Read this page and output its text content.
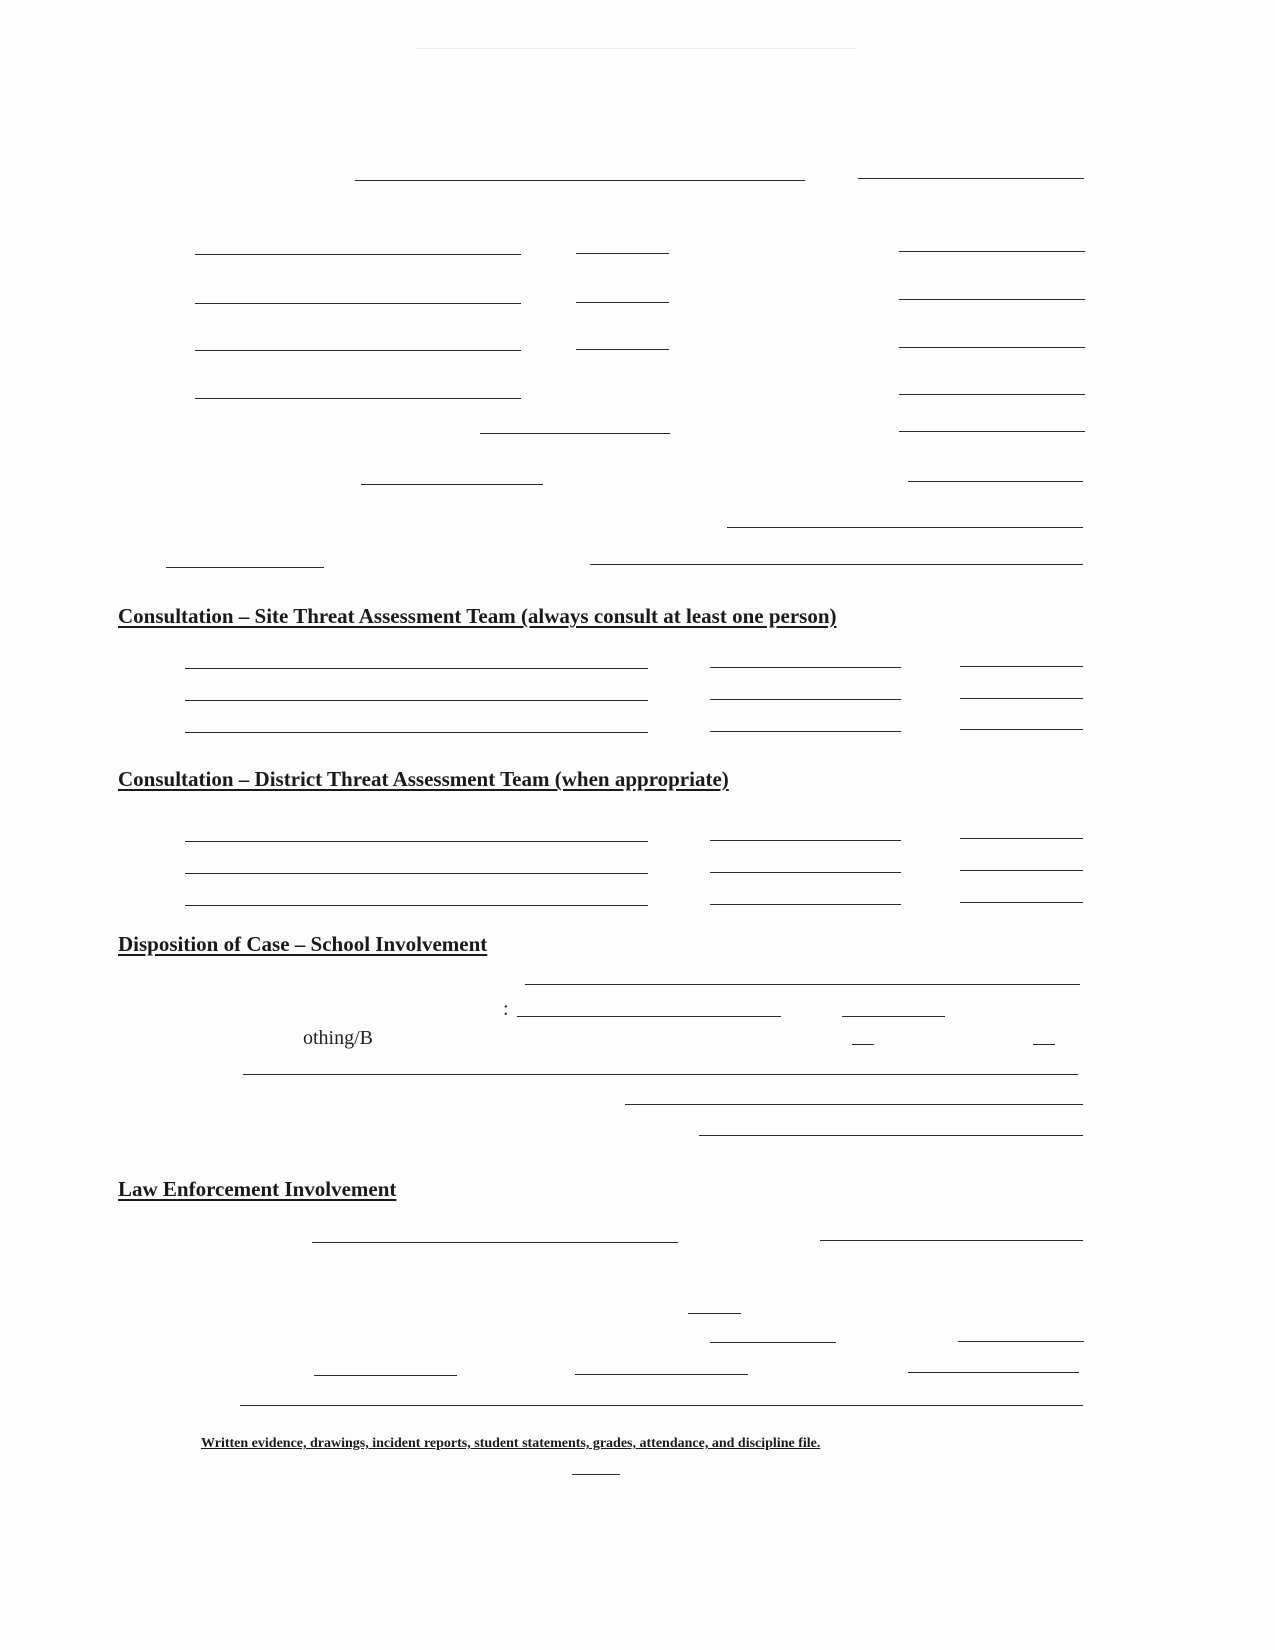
Consultation – Site Threat Assessment Team (always consult at least one person)
Consultation – District Threat Assessment Team (when appropriate)
Disposition of Case – School Involvement
:
othing/B
Law Enforcement Involvement
Written evidence, drawings, incident reports, student statements, grades, attendance, and discipline file.
